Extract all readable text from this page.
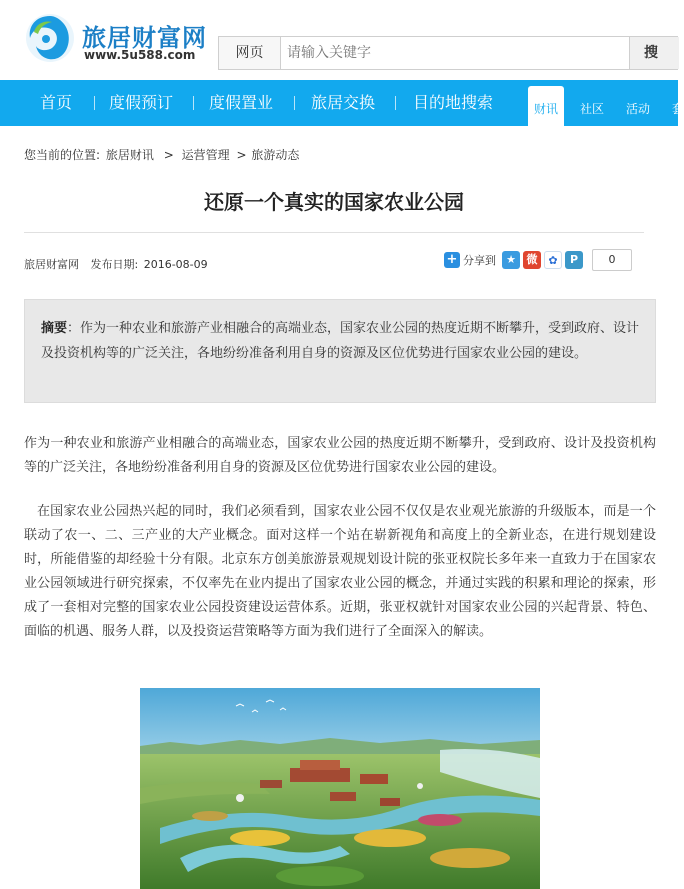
旅居财富网
www.5u588.com	网页
请输入关键字	搜
首页 度假预订 度假置业 旅居交换 目的地搜索	财讯	社区 活动 套
您当前的位置: 旅居财讯 > 运营管理 > 旅游动态
还原一个真实的国家农业公园
旅居财富网 发布日期: 2016-08-09	+ 分享到 ★ 微 ✿	P	0
摘要：作为一种农业和旅游产业相融合的高端业态，国家农业公园的热度近期不断攀升，受到政府、设计及投资机构等的广泛关注，各地纷纷准备利用自身的资源及区位优势进行国家农业公园的建设。

作为一种农业和旅游产业相融合的高端业态，国家农业公园的热度近期不断攀升，受到政府、设计及投资机构等的广泛关注，各地纷纷准备利用自身的资源及区位优势进行国家农业公园的建设。

在国家农业公园热兴起的同时，我们必须看到，国家农业公园不仅仅是农业观光旅游的升级版本，而是一个联动了农一、二、三产业的大产业概念。面对这样一个站在崭新视角和高度上的全新业态，在进行规划建设时，所能借鉴的却经验十分有限。北京东方创美旅游景观规划设计院的张亚权院长多年来一直致力于在国家农业公园领域进行研究探索，不仅率先在业内提出了国家农业公园的概念，并通过实践的积累和理论的探索，形成了一套相对完整的国家农业公园投资建设运营体系。近期，张亚权就针对国家农业公园的兴起背景、特色、面临的机遇、服务人群，以及投资运营策略等方面为我们进行了全面深入的解读。
